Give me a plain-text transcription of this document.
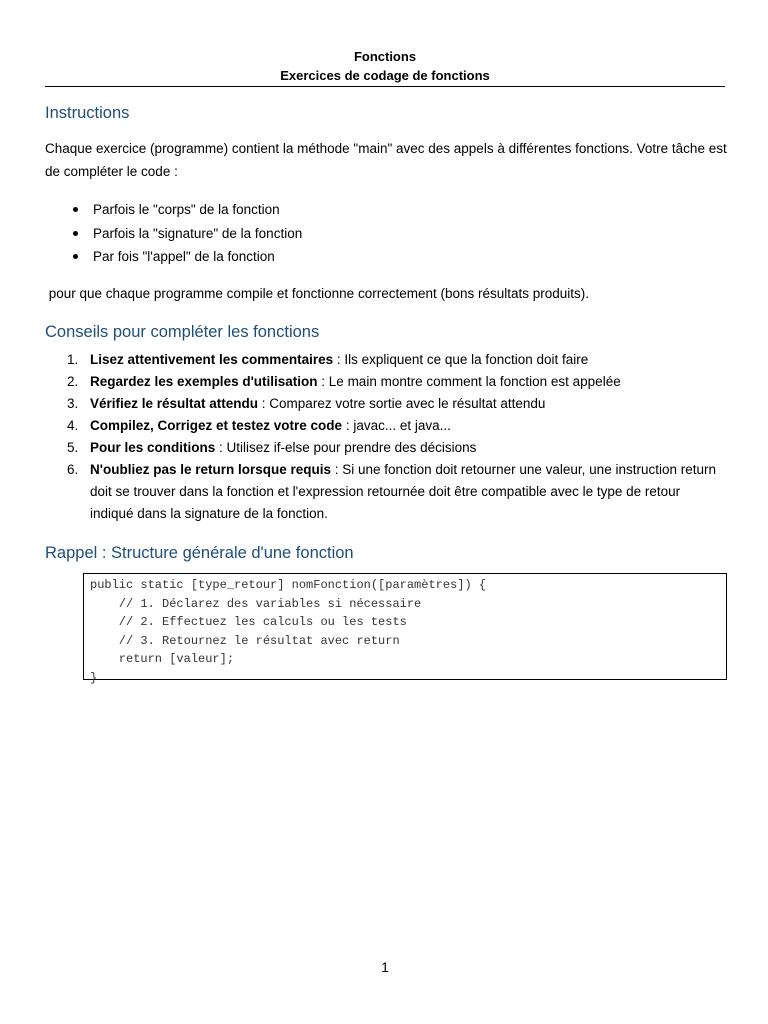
Fonctions
Exercices de codage de fonctions
Instructions

Chaque exercice (programme) contient la méthode "main" avec des appels à différentes fonctions. Votre tâche est de compléter le code :

Parfois le "corps" de la fonction
Parfois la "signature" de la fonction
Par fois "l'appel" de la fonction

pour que chaque programme compile et fonctionne correctement (bons résultats produits).

Conseils pour compléter les fonctions
1. Lisez attentivement les commentaires : Ils expliquent ce que la fonction doit faire
2. Regardez les exemples d'utilisation : Le main montre comment la fonction est appelée
3. Vérifiez le résultat attendu : Comparez votre sortie avec le résultat attendu
4. Compilez, Corrigez et testez votre code : javac... et java...
5. Pour les conditions : Utilisez if-else pour prendre des décisions
6. N'oubliez pas le return lorsque requis : Si une fonction doit retourner une valeur, une instruction return doit se trouver dans la fonction et l'expression retournée doit être compatible avec le type de retour indiqué dans la signature de la fonction.
Rappel : Structure générale d'une fonction
public static [type_retour] nomFonction([paramètres]) {
// 1. Déclarez des variables si nécessaire
// 2. Effectuez les calculs ou les tests
// 3. Retournez le résultat avec return
return [valeur];
}
1
